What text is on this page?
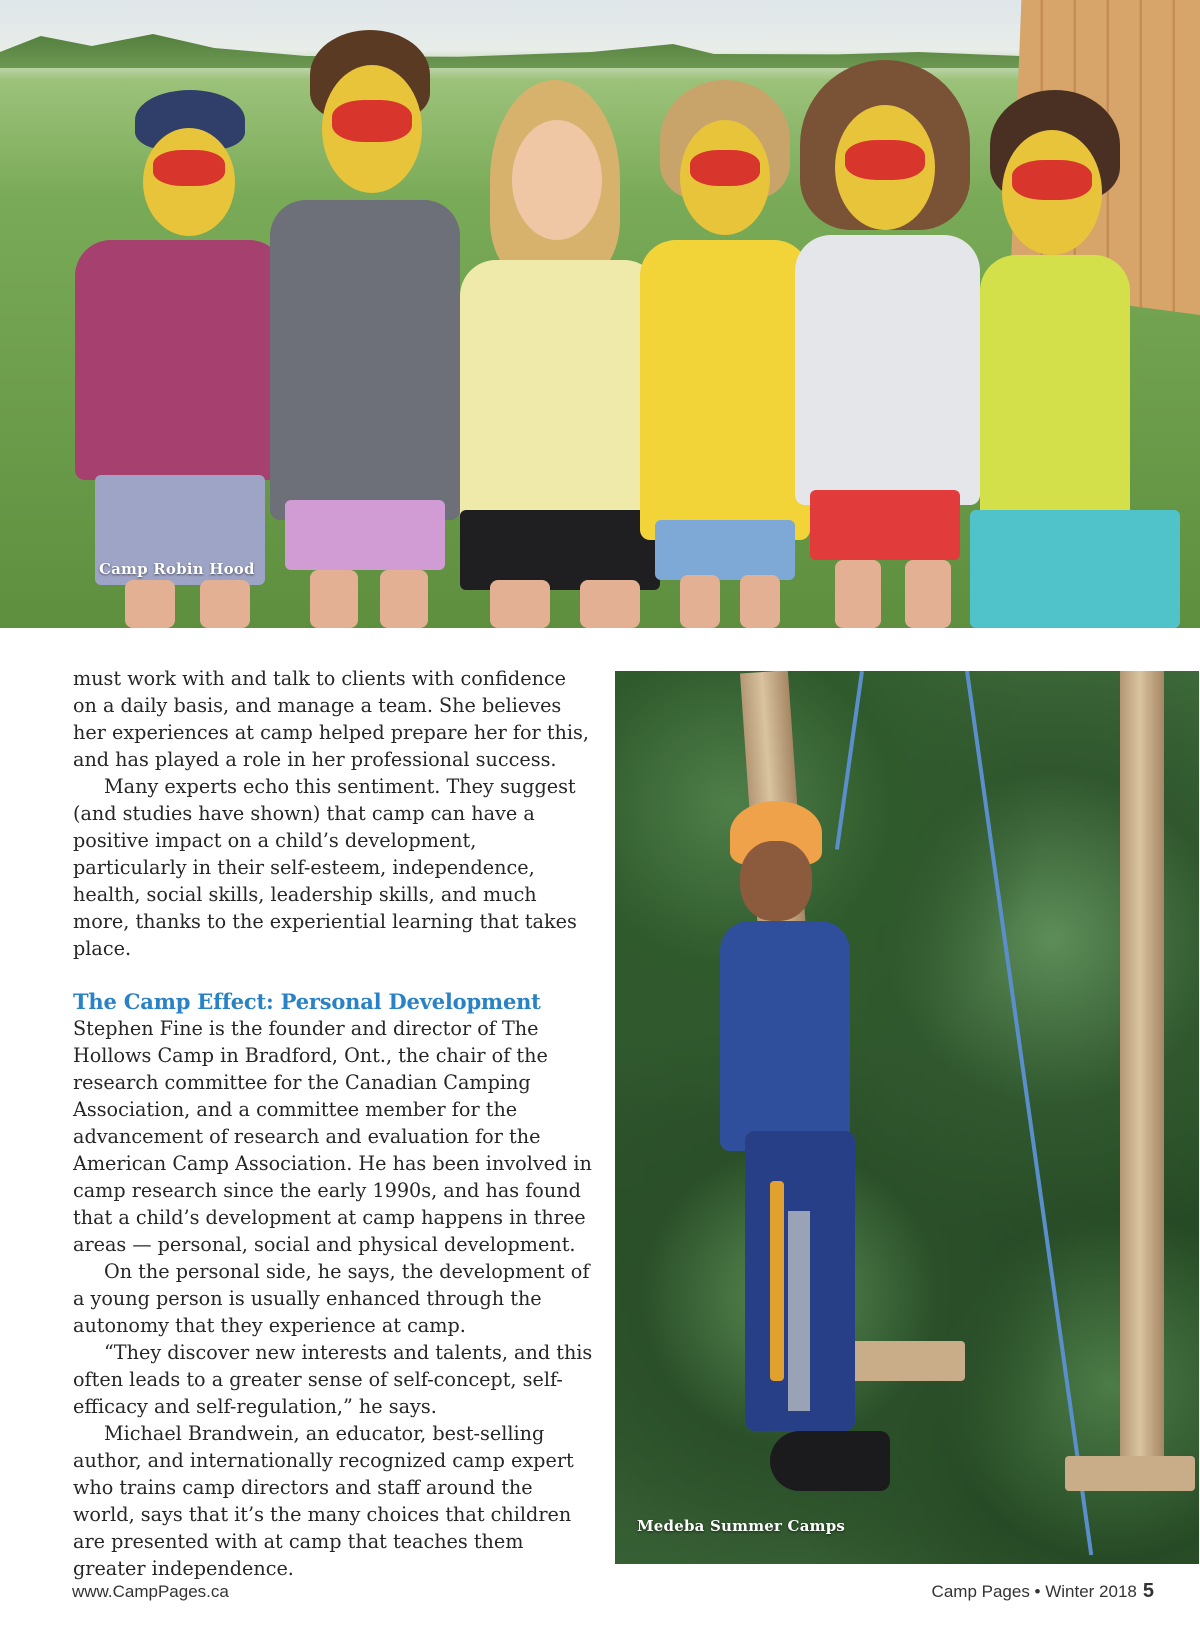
Camp Robin Hood

must work with and talk to clients with confidence on a daily basis, and manage a team. She believes her experiences at camp helped prepare her for this, and has played a role in her professional success.

Many experts echo this sentiment. They suggest (and studies have shown) that camp can have a positive impact on a child’s development, particularly in their self-esteem, independence, health, social skills, leadership skills, and much more, thanks to the experiential learning that takes place.

The Camp Effect: Personal Development

Stephen Fine is the founder and director of The Hollows Camp in Bradford, Ont., the chair of the research committee for the Canadian Camping Association, and a committee member for the advancement of research and evaluation for the American Camp Association. He has been involved in camp research since the early 1990s, and has found that a child’s development at camp happens in three areas — personal, social and physical development.

On the personal side, he says, the development of a young person is usually enhanced through the autonomy that they experience at camp.

“They discover new interests and talents, and this often leads to a greater sense of self-concept, self-efficacy and self-regulation,” he says.

Michael Brandwein, an educator, best-selling author, and internationally recognized camp expert who trains camp directors and staff around the world, says that it’s the many choices that children are presented with at camp that teaches them greater independence.

Medeba Summer Camps
www.CampPages.ca	Camp Pages • Winter 2018 5
